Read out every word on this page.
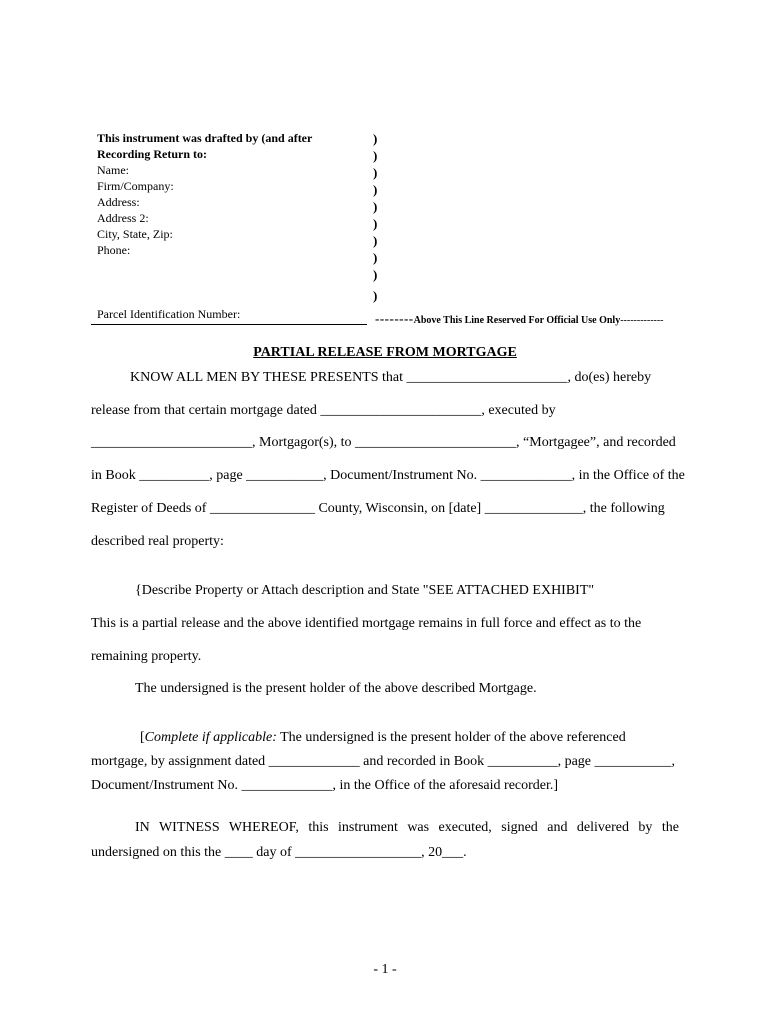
This instrument was drafted by (and after
Recording Return to:
Name:
Firm/Company:
Address:
Address 2:
City, State, Zip:
Phone:
Parcel Identification Number:
)
)
)
)
)
)
)
)
)
)
--------Above This Line Reserved For Official Use Only-------------
PARTIAL RELEASE FROM MORTGAGE
KNOW ALL MEN BY THESE PRESENTS that _______________________, do(es) hereby
release from that certain mortgage dated _______________________, executed by
_______________________, Mortgagor(s), to _______________________, “Mortgagee”, and recorded
in Book __________, page ___________, Document/Instrument No. _____________, in the Office of the
Register of Deeds of _______________ County, Wisconsin, on [date] ______________, the following
described real property:
{Describe Property or Attach description and State "SEE ATTACHED EXHIBIT"
This is a partial release and the above identified mortgage remains in full force and effect as to the
remaining property.
The undersigned is the present holder of the above described Mortgage.
[Complete if applicable: The undersigned is the present holder of the above referenced
mortgage, by assignment dated _____________ and recorded in Book __________, page ___________,
Document/Instrument No. _____________, in the Office of the aforesaid recorder.]
IN WITNESS WHEREOF, this instrument was executed, signed and delivered by the
undersigned on this the ____ day of __________________, 20___.
- 1 -
